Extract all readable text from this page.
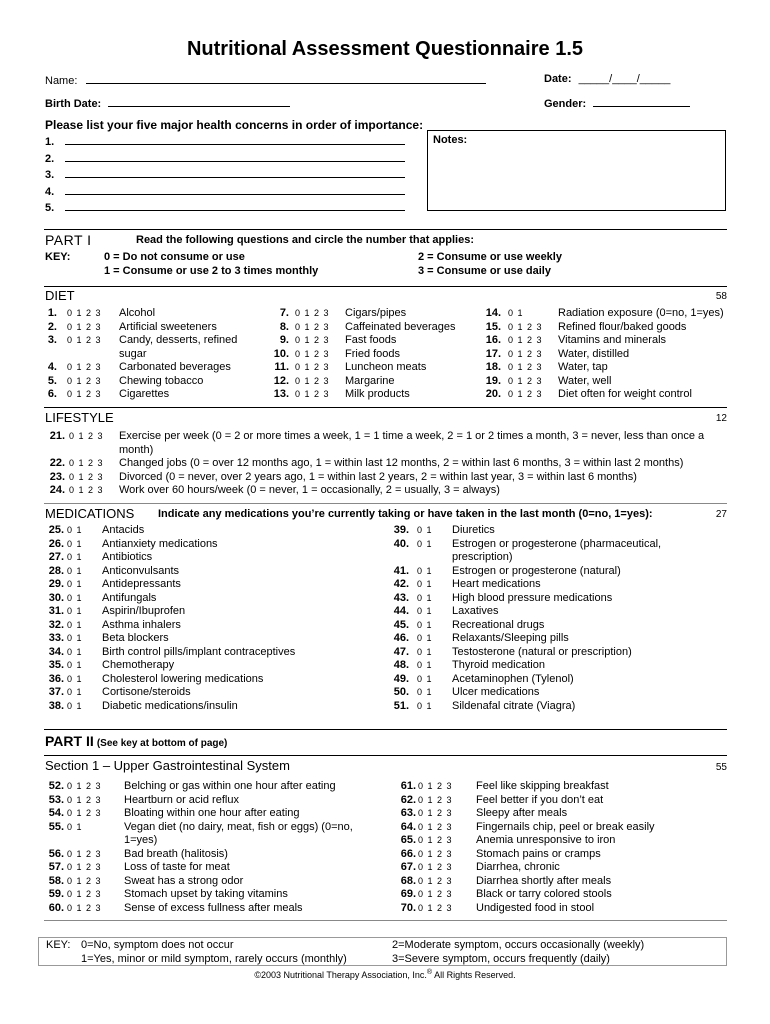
Nutritional Assessment Questionnaire 1.5
Name:	Date: _____/____/_____
Birth Date:	Gender:
Please list your five major health concerns in order of importance:
1.
2.
3.
4.
5.
Notes:
PART I	Read the following questions and circle the number that applies:
KEY:	0 = Do not consume or use
1 = Consume or use 2 to 3 times monthly
2 = Consume or use weekly
3 = Consume or use daily
DIET	58
1. 0 1 2 3 Alcohol
2. 0 1 2 3 Artificial sweeteners
3. 0 1 2 3 Candy, desserts, refined
sugar
4. 0 1 2 3 Carbonated beverages
5. 0 1 2 3 Chewing tobacco
6. 0 1 2 3 Cigarettes
7. 0 1 2 3 Cigars/pipes
8. 0 1 2 3 Caffeinated beverages
9. 0 1 2 3 Fast foods
10. 0 1 2 3 Fried foods
11. 0 1 2 3 Luncheon meats
12. 0 1 2 3 Margarine
13. 0 1 2 3 Milk products
14. 0 1	Radiation exposure (0=no, 1=yes)
15. 0 1 2 3 Refined flour/baked goods
16. 0 1 2 3 Vitamins and minerals
17. 0 1 2 3 Water, distilled
18. 0 1 2 3 Water, tap
19. 0 1 2 3 Water, well
20. 0 1 2 3 Diet often for weight control
LIFESTYLE	12
21. 0 1 2 3 Exercise per week (0 = 2 or more times a week, 1 = 1 time a week, 2 = 1 or 2 times a month, 3 = never, less than once a
month)
22. 0 1 2 3 Changed jobs (0 = over 12 months ago, 1 = within last 12 months, 2 = within last 6 months, 3 = within last 2 months)
23. 0 1 2 3 Divorced (0 = never, over 2 years ago, 1 = within last 2 years, 2 = within last year, 3 = within last 6 months)
24. 0 1 2 3 Work over 60 hours/week (0 = never, 1 = occasionally, 2 = usually, 3 = always)
MEDICATIONS Indicate any medications you’re currently taking or have taken in the last month (0=no, 1=yes):	27
25. 0 1 Antacids
26. 0 1 Antianxiety medications
27. 0 1 Antibiotics
28. 0 1 Anticonvulsants
29. 0 1 Antidepressants
30. 0 1 Antifungals
31. 0 1 Aspirin/Ibuprofen
32. 0 1 Asthma inhalers
33. 0 1 Beta blockers
34. 0 1 Birth control pills/implant contraceptives
35. 0 1 Chemotherapy
36. 0 1 Cholesterol lowering medications
37. 0 1 Cortisone/steroids
38. 0 1 Diabetic medications/insulin
39. 0 1 Diuretics
40. 0 1 Estrogen or progesterone (pharmaceutical,
prescription)
41. 0 1 Estrogen or progesterone (natural)
42. 0 1 Heart medications
43. 0 1 High blood pressure medications
44. 0 1 Laxatives
45. 0 1 Recreational drugs
46. 0 1 Relaxants/Sleeping pills
47. 0 1 Testosterone (natural or prescription)
48. 0 1 Thyroid medication
49. 0 1 Acetaminophen (Tylenol)
50. 0 1 Ulcer medications
51. 0 1 Sildenafal citrate (Viagra)
PART II (See key at bottom of page)
Section 1 – Upper Gastrointestinal System	55
52. 0 1 2 3 Belching or gas within one hour after eating
53. 0 1 2 3 Heartburn or acid reflux
54. 0 1 2 3 Bloating within one hour after eating
55. 0 1	Vegan diet (no dairy, meat, fish or eggs) (0=no,
1=yes)
56. 0 1 2 3 Bad breath (halitosis)
57. 0 1 2 3 Loss of taste for meat
58. 0 1 2 3 Sweat has a strong odor
59. 0 1 2 3 Stomach upset by taking vitamins
60. 0 1 2 3 Sense of excess fullness after meals
61. 0 1 2 3 Feel like skipping breakfast
62. 0 1 2 3 Feel better if you don’t eat
63. 0 1 2 3 Sleepy after meals
64. 0 1 2 3 Fingernails chip, peel or break easily
65. 0 1 2 3 Anemia unresponsive to iron
66. 0 1 2 3 Stomach pains or cramps
67. 0 1 2 3 Diarrhea, chronic
68. 0 1 2 3 Diarrhea shortly after meals
69. 0 1 2 3 Black or tarry colored stools
70. 0 1 2 3 Undigested food in stool
KEY: 0=No, symptom does not occur
1=Yes, minor or mild symptom, rarely occurs (monthly)
2=Moderate symptom, occurs occasionally (weekly)
3=Severe symptom, occurs frequently (daily)
©2003 Nutritional Therapy Association, Inc.® All Rights Reserved.
